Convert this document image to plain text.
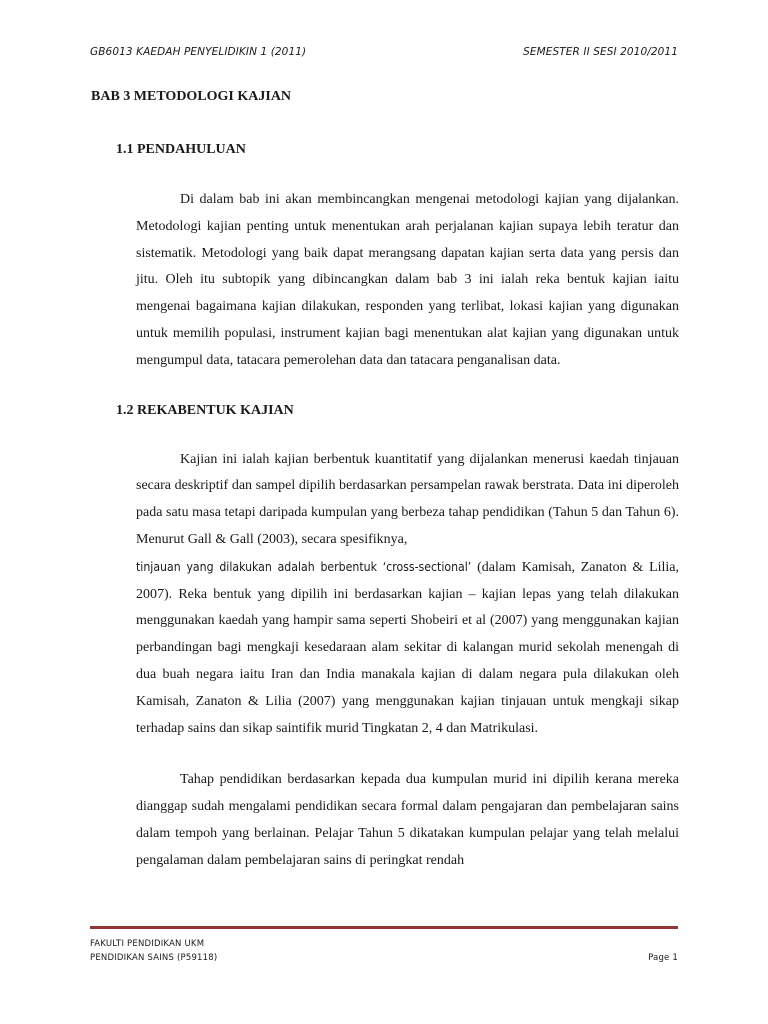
GB6013 KAEDAH PENYELIDIKIN 1 (2011)	SEMESTER II SESI 2010/2011
BAB 3 METODOLOGI KAJIAN
1.1 PENDAHULUAN

Di dalam bab ini akan membincangkan mengenai metodologi kajian yang dijalankan. Metodologi kajian penting untuk menentukan arah perjalanan kajian supaya lebih teratur dan sistematik. Metodologi yang baik dapat merangsang dapatan kajian serta data yang persis dan jitu. Oleh itu subtopik yang dibincangkan dalam bab 3 ini ialah reka bentuk kajian iaitu mengenai bagaimana kajian dilakukan, responden yang terlibat, lokasi kajian yang digunakan untuk memilih populasi, instrument kajian bagi menentukan alat kajian yang digunakan untuk mengumpul data, tatacara pemerolehan data dan tatacara penganalisan data.

1.2 REKABENTUK KAJIAN

Kajian ini ialah kajian berbentuk kuantitatif yang dijalankan menerusi kaedah tinjauan secara deskriptif dan sampel dipilih berdasarkan persampelan rawak berstrata. Data ini diperoleh pada satu masa tetapi daripada kumpulan yang berbeza tahap pendidikan (Tahun 5 dan Tahun 6). Menurut Gall & Gall (2003), secara spesifiknya,
tinjauan yang dilakukan adalah berbentuk ‘cross-sectional’ (dalam Kamisah, Zanaton & Lilia, 2007). Reka bentuk yang dipilih ini berdasarkan kajian – kajian lepas yang telah dilakukan menggunakan kaedah yang hampir sama seperti Shobeiri et al (2007) yang menggunakan kajian perbandingan bagi mengkaji kesedaraan alam sekitar di kalangan murid sekolah menengah di dua buah negara iaitu Iran dan India manakala kajian di dalam negara pula dilakukan oleh Kamisah, Zanaton & Lilia (2007) yang menggunakan kajian tinjauan untuk mengkaji sikap terhadap sains dan sikap saintifik murid Tingkatan 2, 4 dan Matrikulasi.

Tahap pendidikan berdasarkan kepada dua kumpulan murid ini dipilih kerana mereka dianggap sudah mengalami pendidikan secara formal dalam pengajaran dan pembelajaran sains dalam tempoh yang berlainan. Pelajar Tahun 5 dikatakan kumpulan pelajar yang telah melalui pengalaman dalam pembelajaran sains di peringkat rendah

FAKULTI PENDIDIKAN UKM
PENDIDIKAN SAINS (P59118)	Page 1
